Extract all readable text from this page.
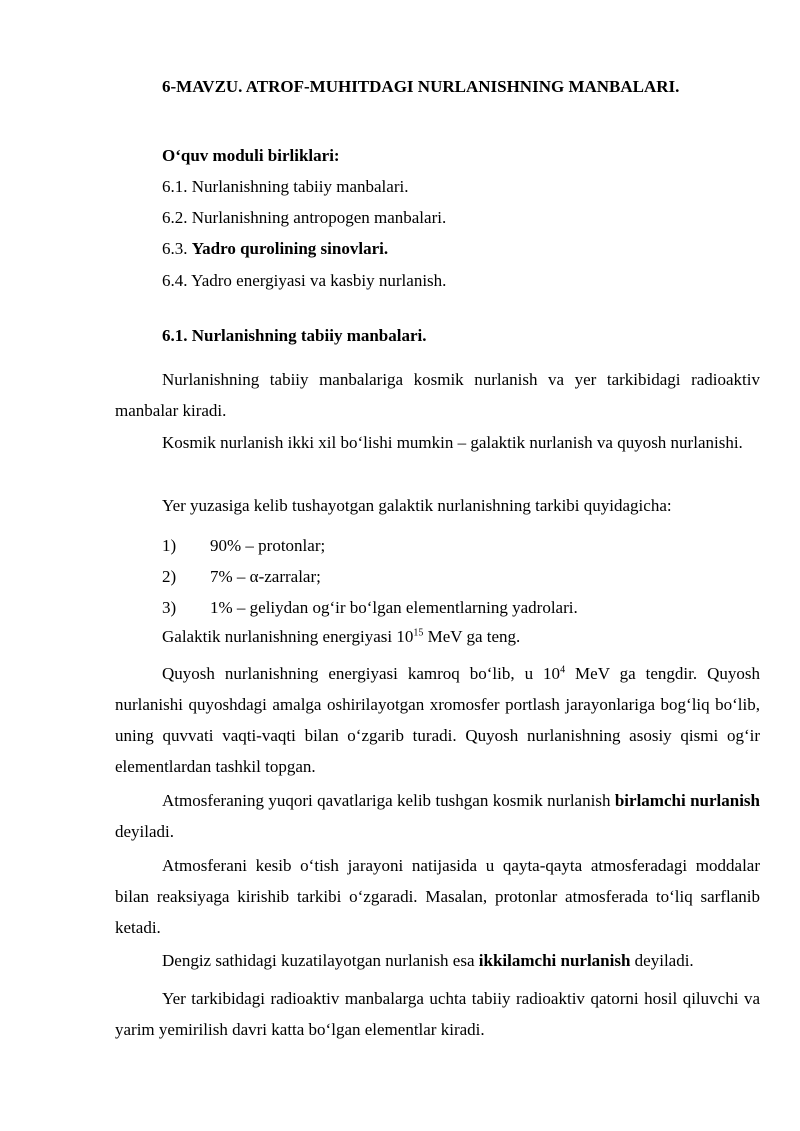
6-MAVZU. ATROF-MUHITDAGI NURLANISHNING MANBALARI.
O‘quv moduli birliklari:
6.1. Nurlanishning tabiiy manbalari.
6.2. Nurlanishning antropogen manbalari.
6.3. Yadro qurolining sinovlari.
6.4. Yadro energiyasi va kasbiy nurlanish.
6.1. Nurlanishning tabiiy manbalari.

Nurlanishning tabiiy manbalariga kosmik nurlanish va yer tarkibidagi radioaktiv manbalar kiradi.

Kosmik nurlanish ikki xil bo‘lishi mumkin – galaktik nurlanish va quyosh nurlanishi.

Yer yuzasiga kelib tushayotgan galaktik nurlanishning tarkibi quyidagicha:

1) 90% – protonlar;
2) 7% – α-zarralar;
3) 1% – geliydan og‘ir bo‘lgan elementlarning yadrolari.

Galaktik nurlanishning energiyasi $10^{15}$ MeV ga teng.

Quyosh nurlanishning energiyasi kamroq bo‘lib, u $10^4$ MeV ga tengdir. Quyosh nurlanishi quyoshdagi amalga oshirilayotgan xromosfer portlash jarayonlariga bog‘liq bo‘lib, uning quvvati vaqti-vaqti bilan o‘zgarib turadi. Quyosh nurlanishning asosiy qismi og‘ir elementlardan tashkil topgan.

Atmosferaning yuqori qavatlariga kelib tushgan kosmik nurlanish birlamchi nurlanish deyiladi.

Atmosferani kesib o‘tish jarayoni natijasida u qayta-qayta atmosferadagi moddalar bilan reaksiyaga kirishib tarkibi o‘zgaradi. Masalan, protonlar atmosferada to‘liq sarflanib ketadi.

Dengiz sathidagi kuzatilayotgan nurlanish esa ikkilamchi nurlanish deyiladi.

Yer tarkibidagi radioaktiv manbalarga uchta tabiiy radioaktiv qatorni hosil qiluvchi va yarim yemirilish davri katta bo‘lgan elementlar kiradi.
